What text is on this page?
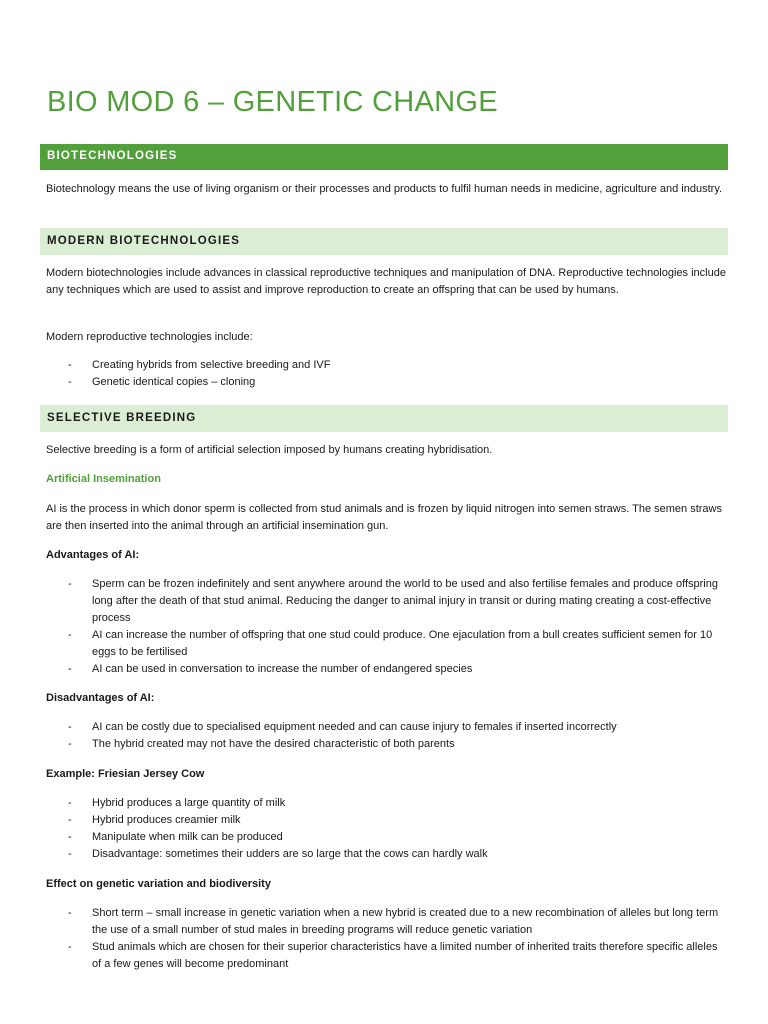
BIO MOD 6 – GENETIC CHANGE
BIOTECHNOLOGIES

Biotechnology means the use of living organism or their processes and products to fulfil human needs in medicine, agriculture and industry.

MODERN BIOTECHNOLOGIES

Modern biotechnologies include advances in classical reproductive techniques and manipulation of DNA. Reproductive technologies include any techniques which are used to assist and improve reproduction to create an offspring that can be used by humans.

Modern reproductive technologies include:

- Creating hybrids from selective breeding and IVF
- Genetic identical copies – cloning
SELECTIVE BREEDING

Selective breeding is a form of artificial selection imposed by humans creating hybridisation.

Artificial Insemination

AI is the process in which donor sperm is collected from stud animals and is frozen by liquid nitrogen into semen straws. The semen straws are then inserted into the animal through an artificial insemination gun.

Advantages of AI:

- Sperm can be frozen indefinitely and sent anywhere around the world to be used and also fertilise females and produce offspring long after the death of that stud animal. Reducing the danger to animal injury in transit or during mating creating a cost-effective process
- AI can increase the number of offspring that one stud could produce. One ejaculation from a bull creates sufficient semen for 10 eggs to be fertilised
- AI can be used in conversation to increase the number of endangered species

Disadvantages of AI:

- AI can be costly due to specialised equipment needed and can cause injury to females if inserted incorrectly
- The hybrid created may not have the desired characteristic of both parents

Example: Friesian Jersey Cow

- Hybrid produces a large quantity of milk
- Hybrid produces creamier milk
- Manipulate when milk can be produced
- Disadvantage: sometimes their udders are so large that the cows can hardly walk

Effect on genetic variation and biodiversity

- Short term – small increase in genetic variation when a new hybrid is created due to a new recombination of alleles but long term the use of a small number of stud males in breeding programs will reduce genetic variation
- Stud animals which are chosen for their superior characteristics have a limited number of inherited traits therefore specific alleles of a few genes will become predominant
